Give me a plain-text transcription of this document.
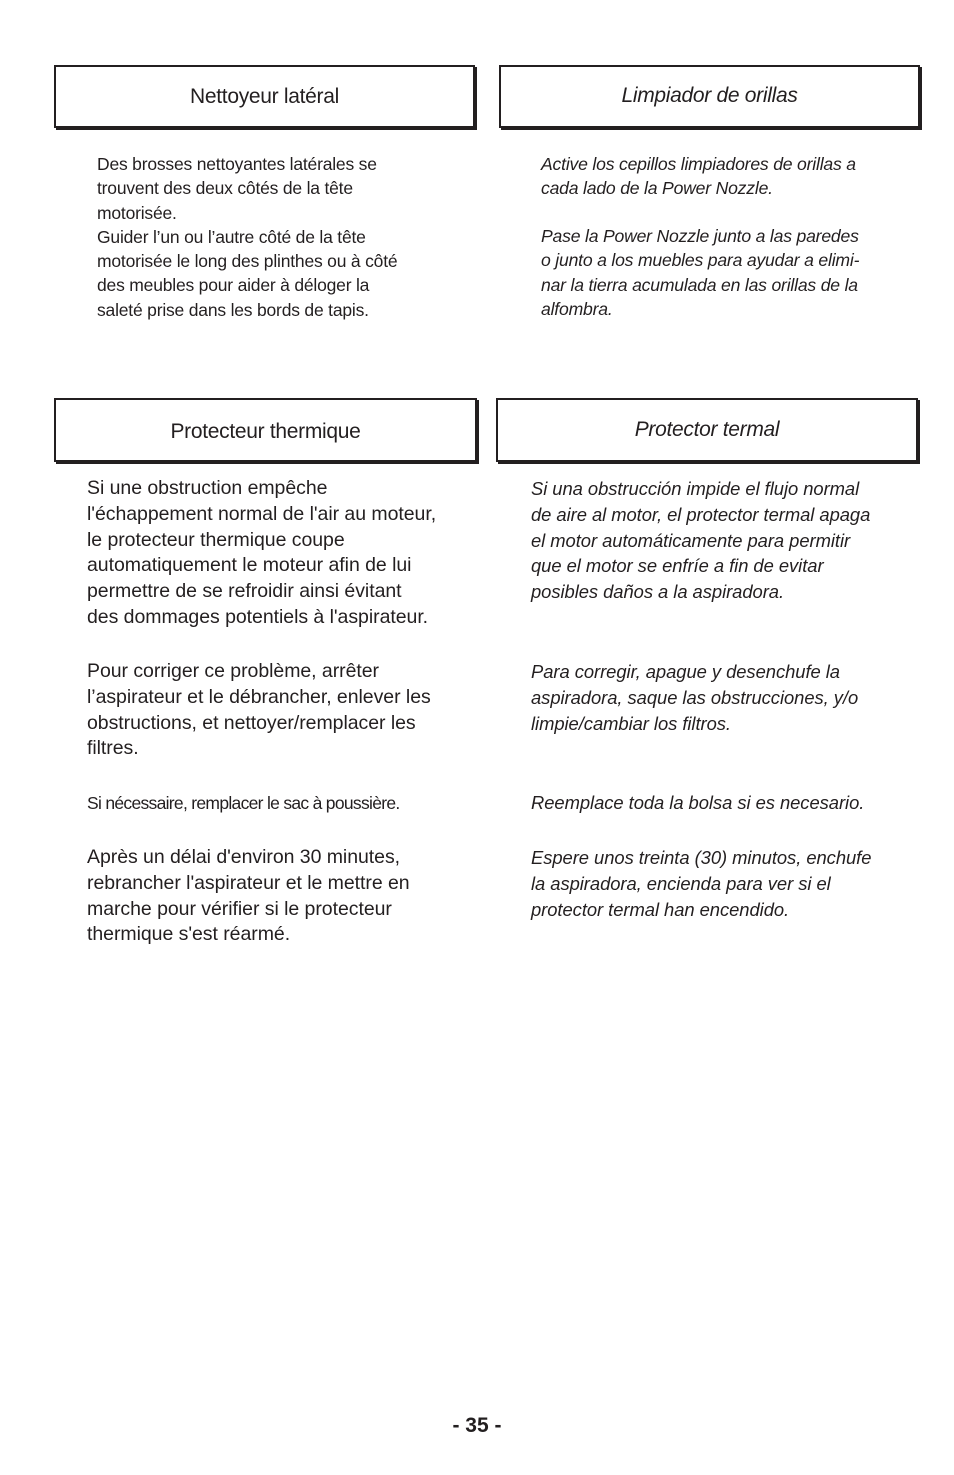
Nettoyeur latéral	Limpiador de orillas

Des brosses nettoyantes latérales se
trouvent des deux côtés de la tête
motorisée.
Guider l’un ou l’autre côté de la tête
motorisée le long des plinthes ou à côté
des meubles pour aider à déloger la
saleté prise dans les bords de tapis.

Active los cepillos limpiadores de orillas a
cada lado de la Power Nozzle.

Pase la Power Nozzle junto a las paredes
o junto a los muebles para ayudar a elimi-
nar la tierra acumulada en las orillas de la
alfombra.

Protecteur thermique	Protector termal

Si une obstruction empêche
l'échappement normal de l'air au moteur,
le protecteur thermique coupe
automatiquement le moteur afin de lui
permettre de se refroidir ainsi évitant
des dommages potentiels à l'aspirateur.

Pour corriger ce problème, arrêter
l’aspirateur et le débrancher, enlever les
obstructions, et nettoyer/remplacer les
filtres.

Si nécessaire, remplacer le sac à poussière.

Après un délai d'environ 30 minutes,
rebrancher l'aspirateur et le mettre en
marche pour vérifier si le protecteur
thermique s'est réarmé.

Si una obstrucción impide el flujo normal
de aire al motor, el protector termal apaga
el motor automáticamente para permitir
que el motor se enfríe a fin de evitar
posibles daños a la aspiradora.

Para corregir, apague y desenchufe la
aspiradora, saque las obstrucciones, y/o
limpie/cambiar los filtros.

Reemplace toda la bolsa si es necesario.

Espere unos treinta (30) minutos, enchufe
la aspiradora, encienda para ver si el
protector termal han encendido.

- 35 -
